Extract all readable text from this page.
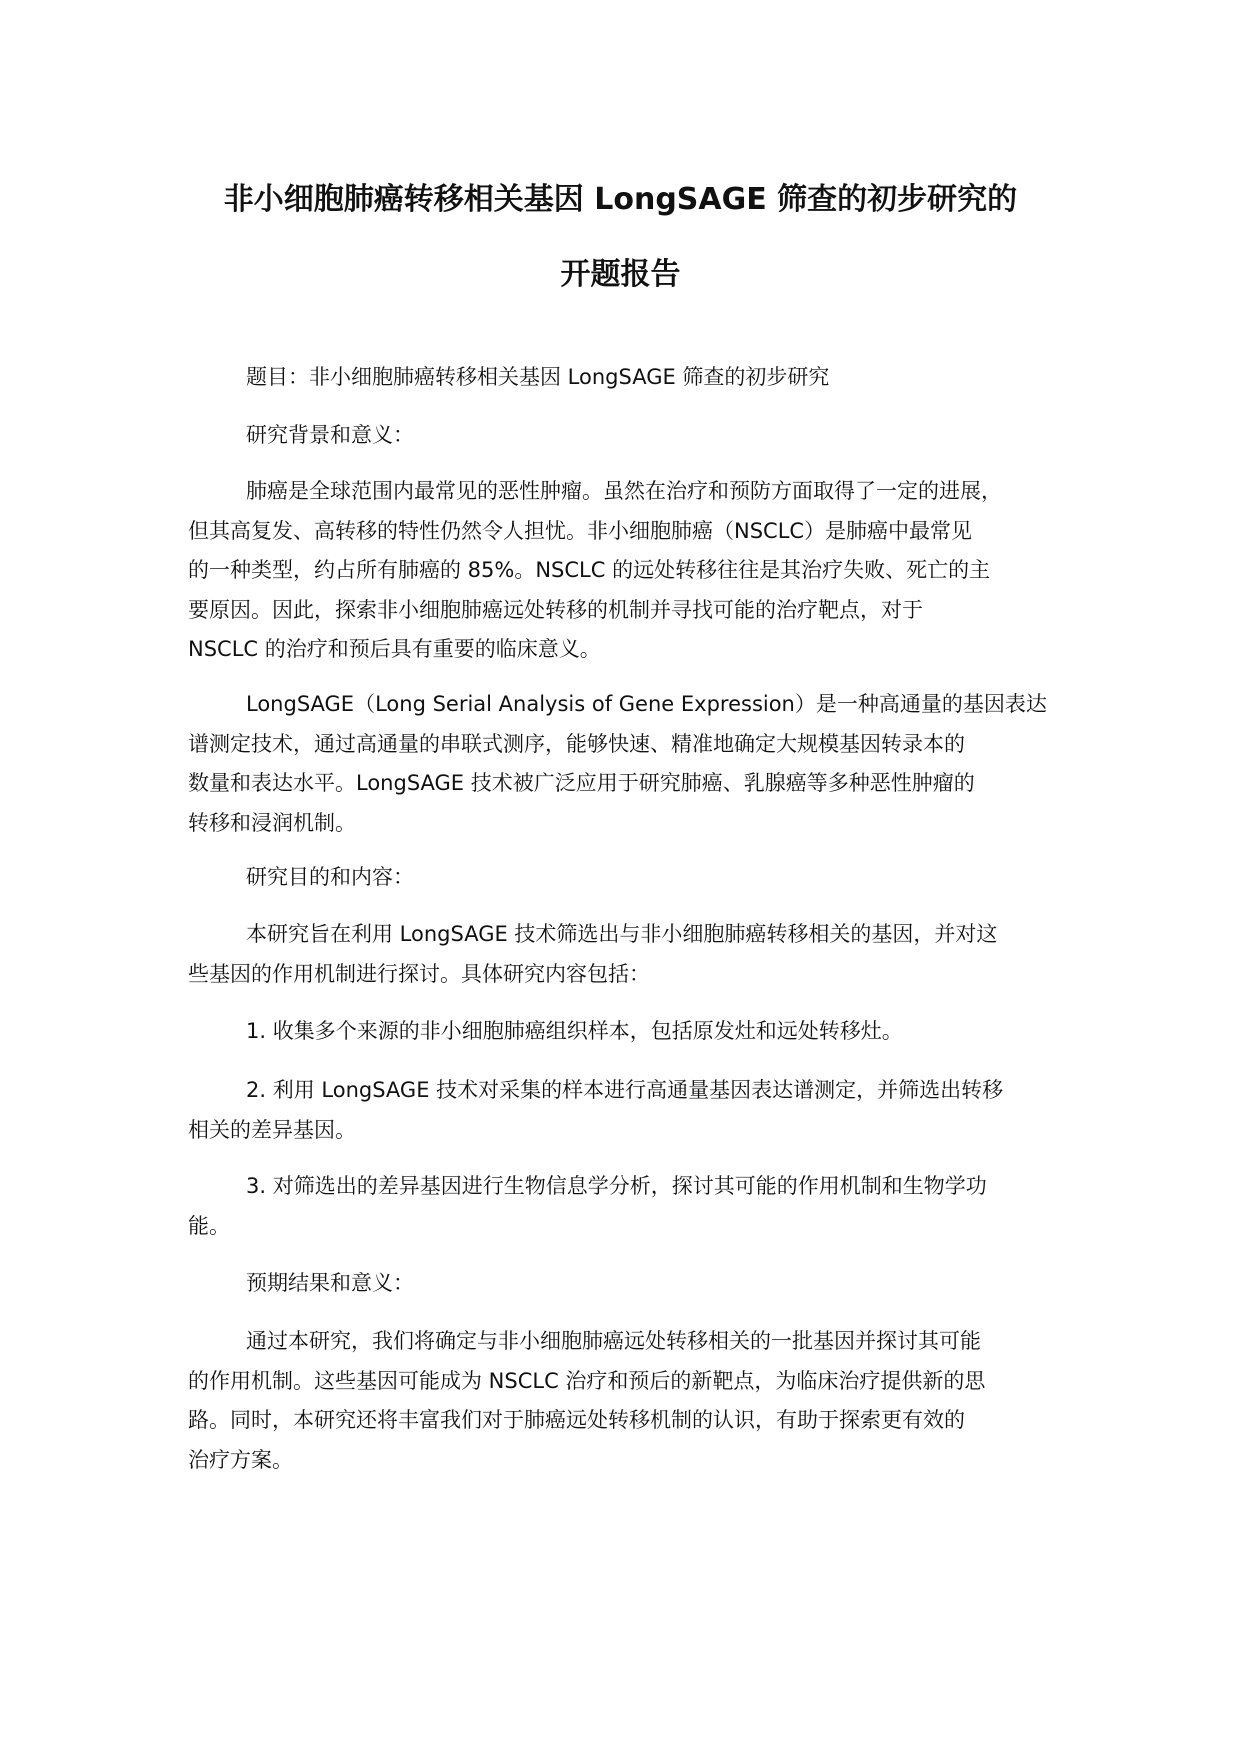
非小细胞肺癌转移相关基因 LongSAGE 筛查的初步研究的
开题报告

题目：非小细胞肺癌转移相关基因 LongSAGE 筛查的初步研究

研究背景和意义：

肺癌是全球范围内最常见的恶性肿瘤。虽然在治疗和预防方面取得了一定的进展，
但其高复发、高转移的特性仍然令人担忧。非小细胞肺癌（NSCLC）是肺癌中最常见
的一种类型，约占所有肺癌的 85%。NSCLC 的远处转移往往是其治疗失败、死亡的主
要原因。因此，探索非小细胞肺癌远处转移的机制并寻找可能的治疗靶点，对于
NSCLC 的治疗和预后具有重要的临床意义。

LongSAGE（Long Serial Analysis of Gene Expression）是一种高通量的基因表达
谱测定技术，通过高通量的串联式测序，能够快速、精准地确定大规模基因转录本的
数量和表达水平。LongSAGE 技术被广泛应用于研究肺癌、乳腺癌等多种恶性肿瘤的
转移和浸润机制。

研究目的和内容：

本研究旨在利用 LongSAGE 技术筛选出与非小细胞肺癌转移相关的基因，并对这
些基因的作用机制进行探讨。具体研究内容包括：

1. 收集多个来源的非小细胞肺癌组织样本，包括原发灶和远处转移灶。

2. 利用 LongSAGE 技术对采集的样本进行高通量基因表达谱测定，并筛选出转移
相关的差异基因。

3. 对筛选出的差异基因进行生物信息学分析，探讨其可能的作用机制和生物学功
能。

预期结果和意义：

通过本研究，我们将确定与非小细胞肺癌远处转移相关的一批基因并探讨其可能
的作用机制。这些基因可能成为 NSCLC 治疗和预后的新靶点，为临床治疗提供新的思
路。同时，本研究还将丰富我们对于肺癌远处转移机制的认识，有助于探索更有效的
治疗方案。
